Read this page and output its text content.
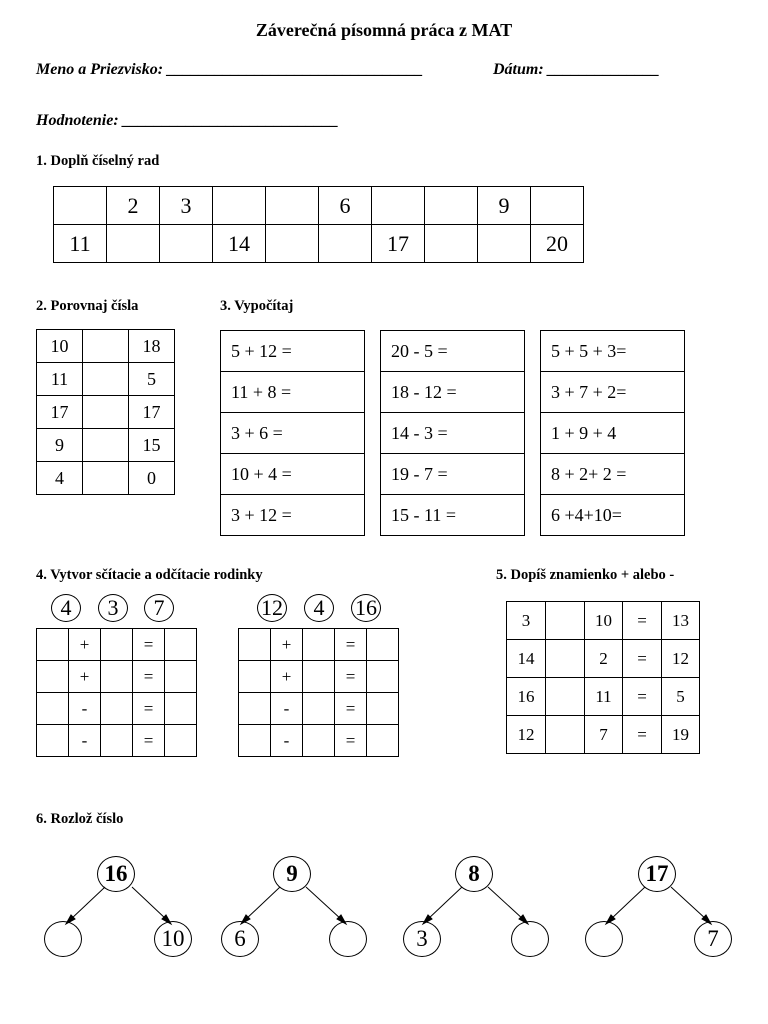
Záverečná písomná práca z MAT
Meno a Priezvisko: ________________________________	Dátum: ______________
Hodnotenie: ___________________________
1. Doplň číselný rad
	2	3			6			9	
11			14			17			20
2. Porovnaj čísla
10		18
11		5
17		17
9		15
4		0
3. Vypočítaj
5 + 12 =
11 + 8 =
3 + 6 =
10 + 4 =
3 + 12 =
20 - 5 =
18 - 12 =
14 - 3 =
19 - 7 =
15 - 11 =
5 + 5 + 3=
3 + 7 + 2=
1 + 9 + 4
8 + 2+ 2 =
6 +4+10=
4. Vytvor sčítacie a odčítacie rodinky
4	3	7
	+		=	
	+		=	
	-		=	
	-		=	
12	4	16
	+		=	
	+		=	
	-		=	
	-		=	
5. Dopíš znamienko + alebo -
3		10	=	13
14		2	=	12
16		11	=	5
12		7	=	19
6. Rozlož číslo
16
10
9
6
8
3
17
7
